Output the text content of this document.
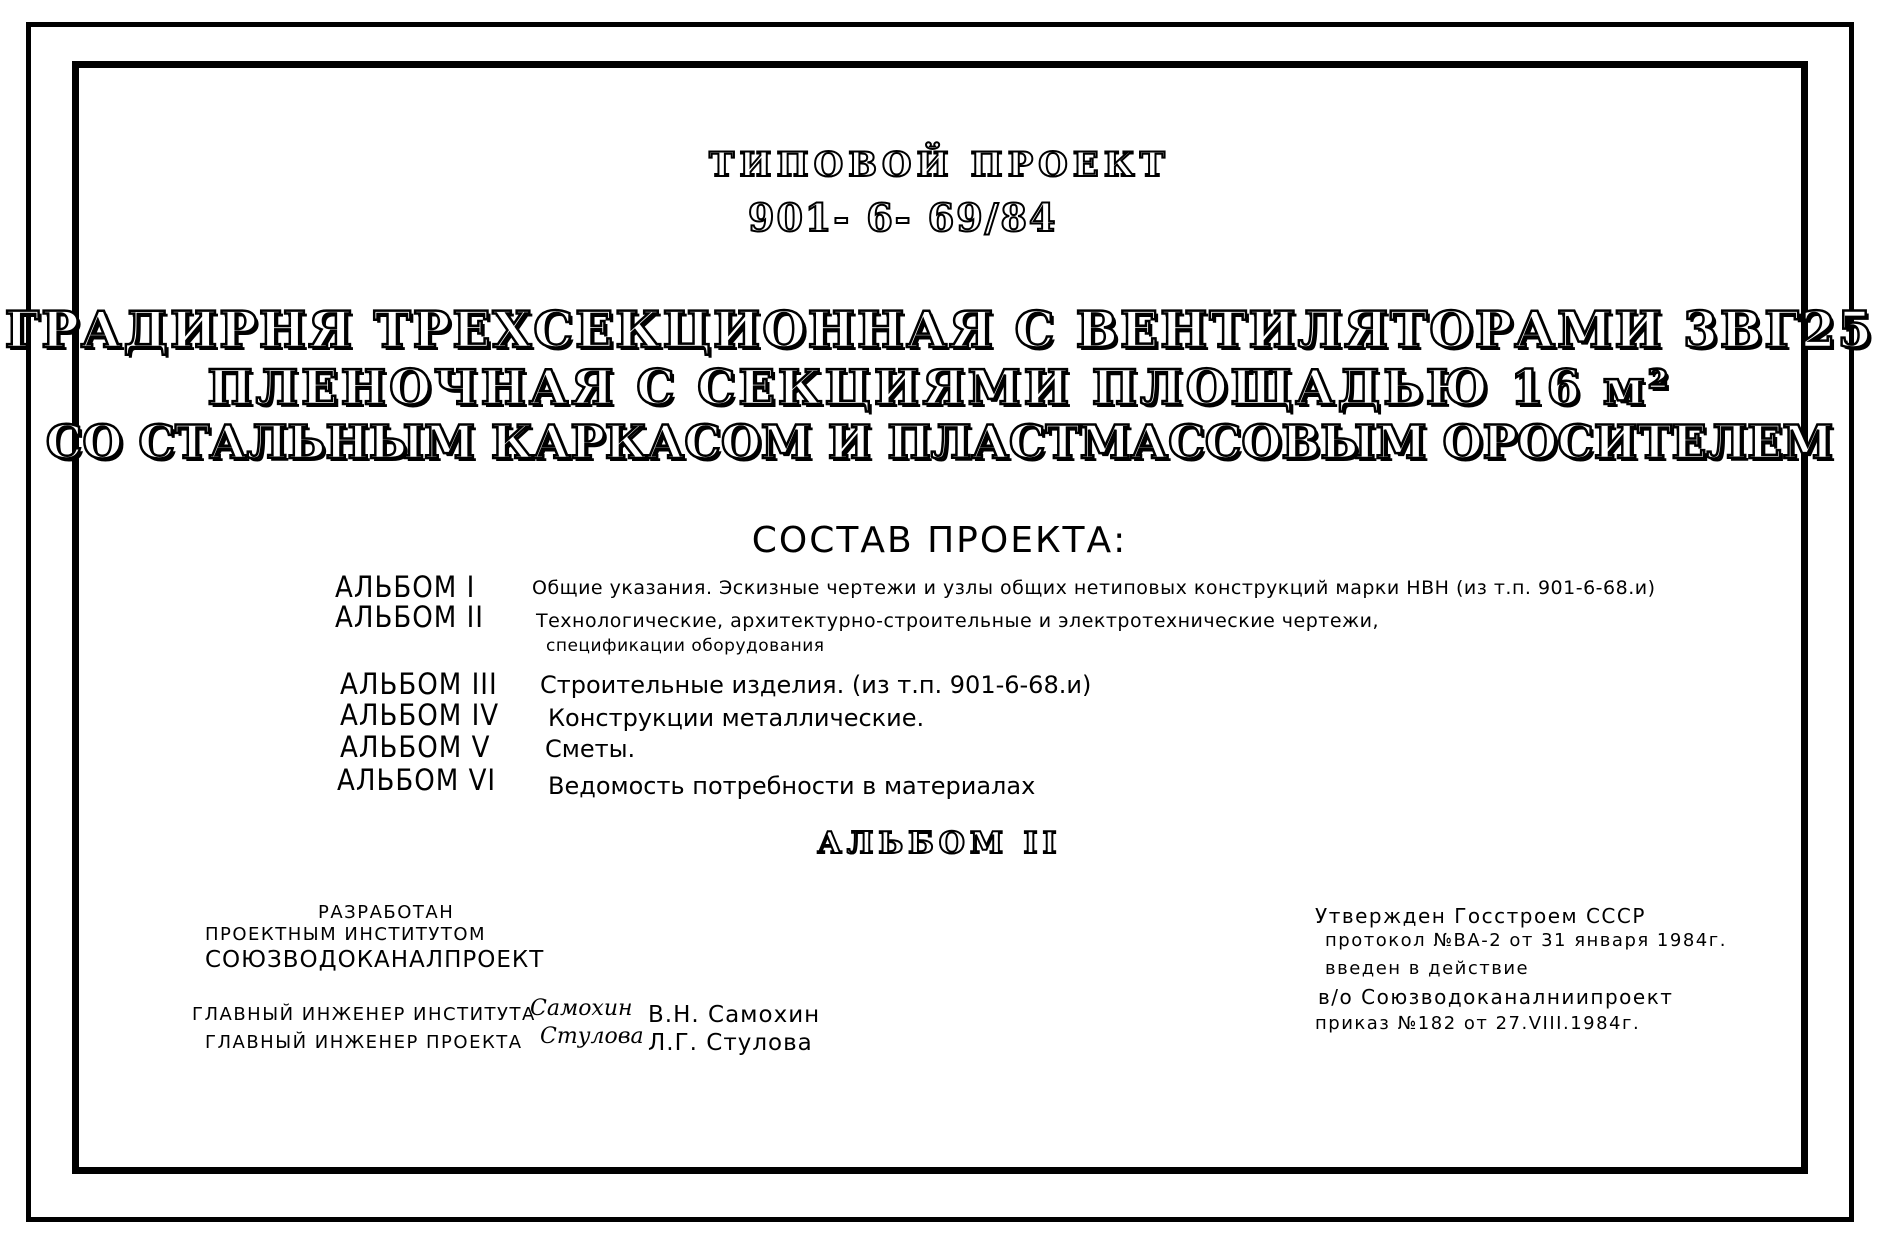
ТИПОВОЙ ПРОЕКТ
901- 6- 69/84
ГРАДИРНЯ ТРЕХСЕКЦИОННАЯ С ВЕНТИЛЯТОРАМИ 3ВГ25
ПЛЕНОЧНАЯ С СЕКЦИЯМИ ПЛОЩАДЬЮ 16 м²
СО СТАЛЬНЫМ КАРКАСОМ И ПЛАСТМАССОВЫМ ОРОСИТЕЛЕМ
СОСТАВ ПРОЕКТА:
АЛЬБОМ I	Общие указания. Эскизные чертежи и узлы общих нетиповых конструкций марки НВН (из т.п. 901-6-68.и)
АЛЬБОМ II	Технологические, архитектурно-строительные и электротехнические чертежи,
спецификации оборудования
АЛЬБОМ III Строительные изделия. (из т.п. 901-6-68.и)
АЛЬБОМ IV Конструкции металлические.
АЛЬБОМ V Сметы.
АЛЬБОМ VI Ведомость потребности в материалах
АЛЬБОМ II
РАЗРАБОТАН
ПРОЕКТНЫМ ИНСТИТУТОМ
СОЮЗВОДОКАНАЛПРОЕКТ
ГЛАВНЫЙ ИНЖЕНЕР ИНСТИТУТА
Самохин В.Н. Самохин
ГЛАВНЫЙ ИНЖЕНЕР ПРОЕКТА Стулова Л.Г. Стулова
Утвержден Госстроем СССР
протокол №ВА-2 от 31 января 1984г.
введен в действие
в/о Союзводоканалниипроект
приказ №182 от 27.VIII.1984г.
